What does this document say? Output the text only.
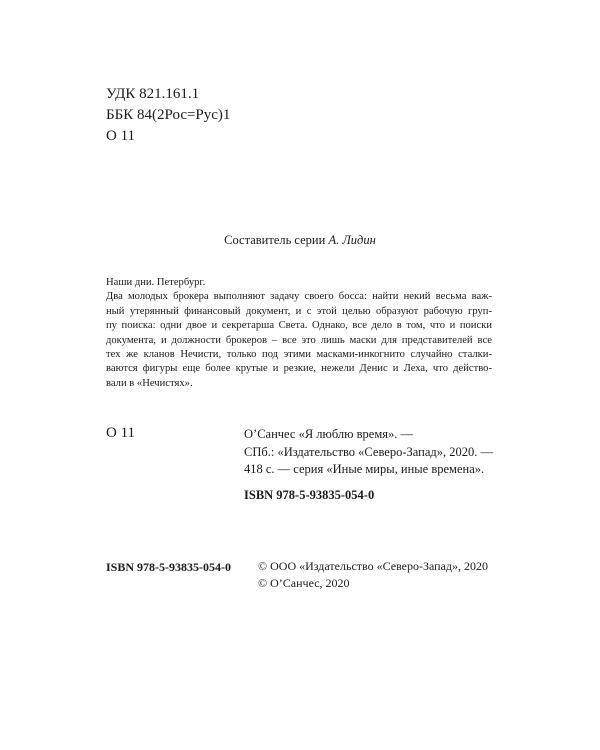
УДК 821.161.1
ББК 84(2Рос=Рус)1
О 11
Составитель серии А. Лидин
Наши дни. Петербург.
Два молодых брокера выполняют задачу своего босса: найти некий весьма важ-
ный утерянный финансовый документ, и с этой целью образуют рабочую груп-
пу поиска: одни двое и секретарша Света. Однако, все дело в том, что и поиски
документа, и должности брокеров – все это лишь маски для представителей все
тех же кланов Нечисти, только под этими масками-инкогнито случайно сталки-
ваются фигуры еще более крутые и резкие, нежели Денис и Леха, что действо-
вали в «Нечистях».
О 11	О’Санчес «Я люблю время». —
СПб.: «Издательство «Северо-Запад», 2020. —
418 с. — серия «Иные миры, иные времена».
ISBN 978-5-93835-054-0
ISBN 978-5-93835-054-0 © ООО «Издательство «Северо-Запад», 2020
© О’Санчес, 2020
